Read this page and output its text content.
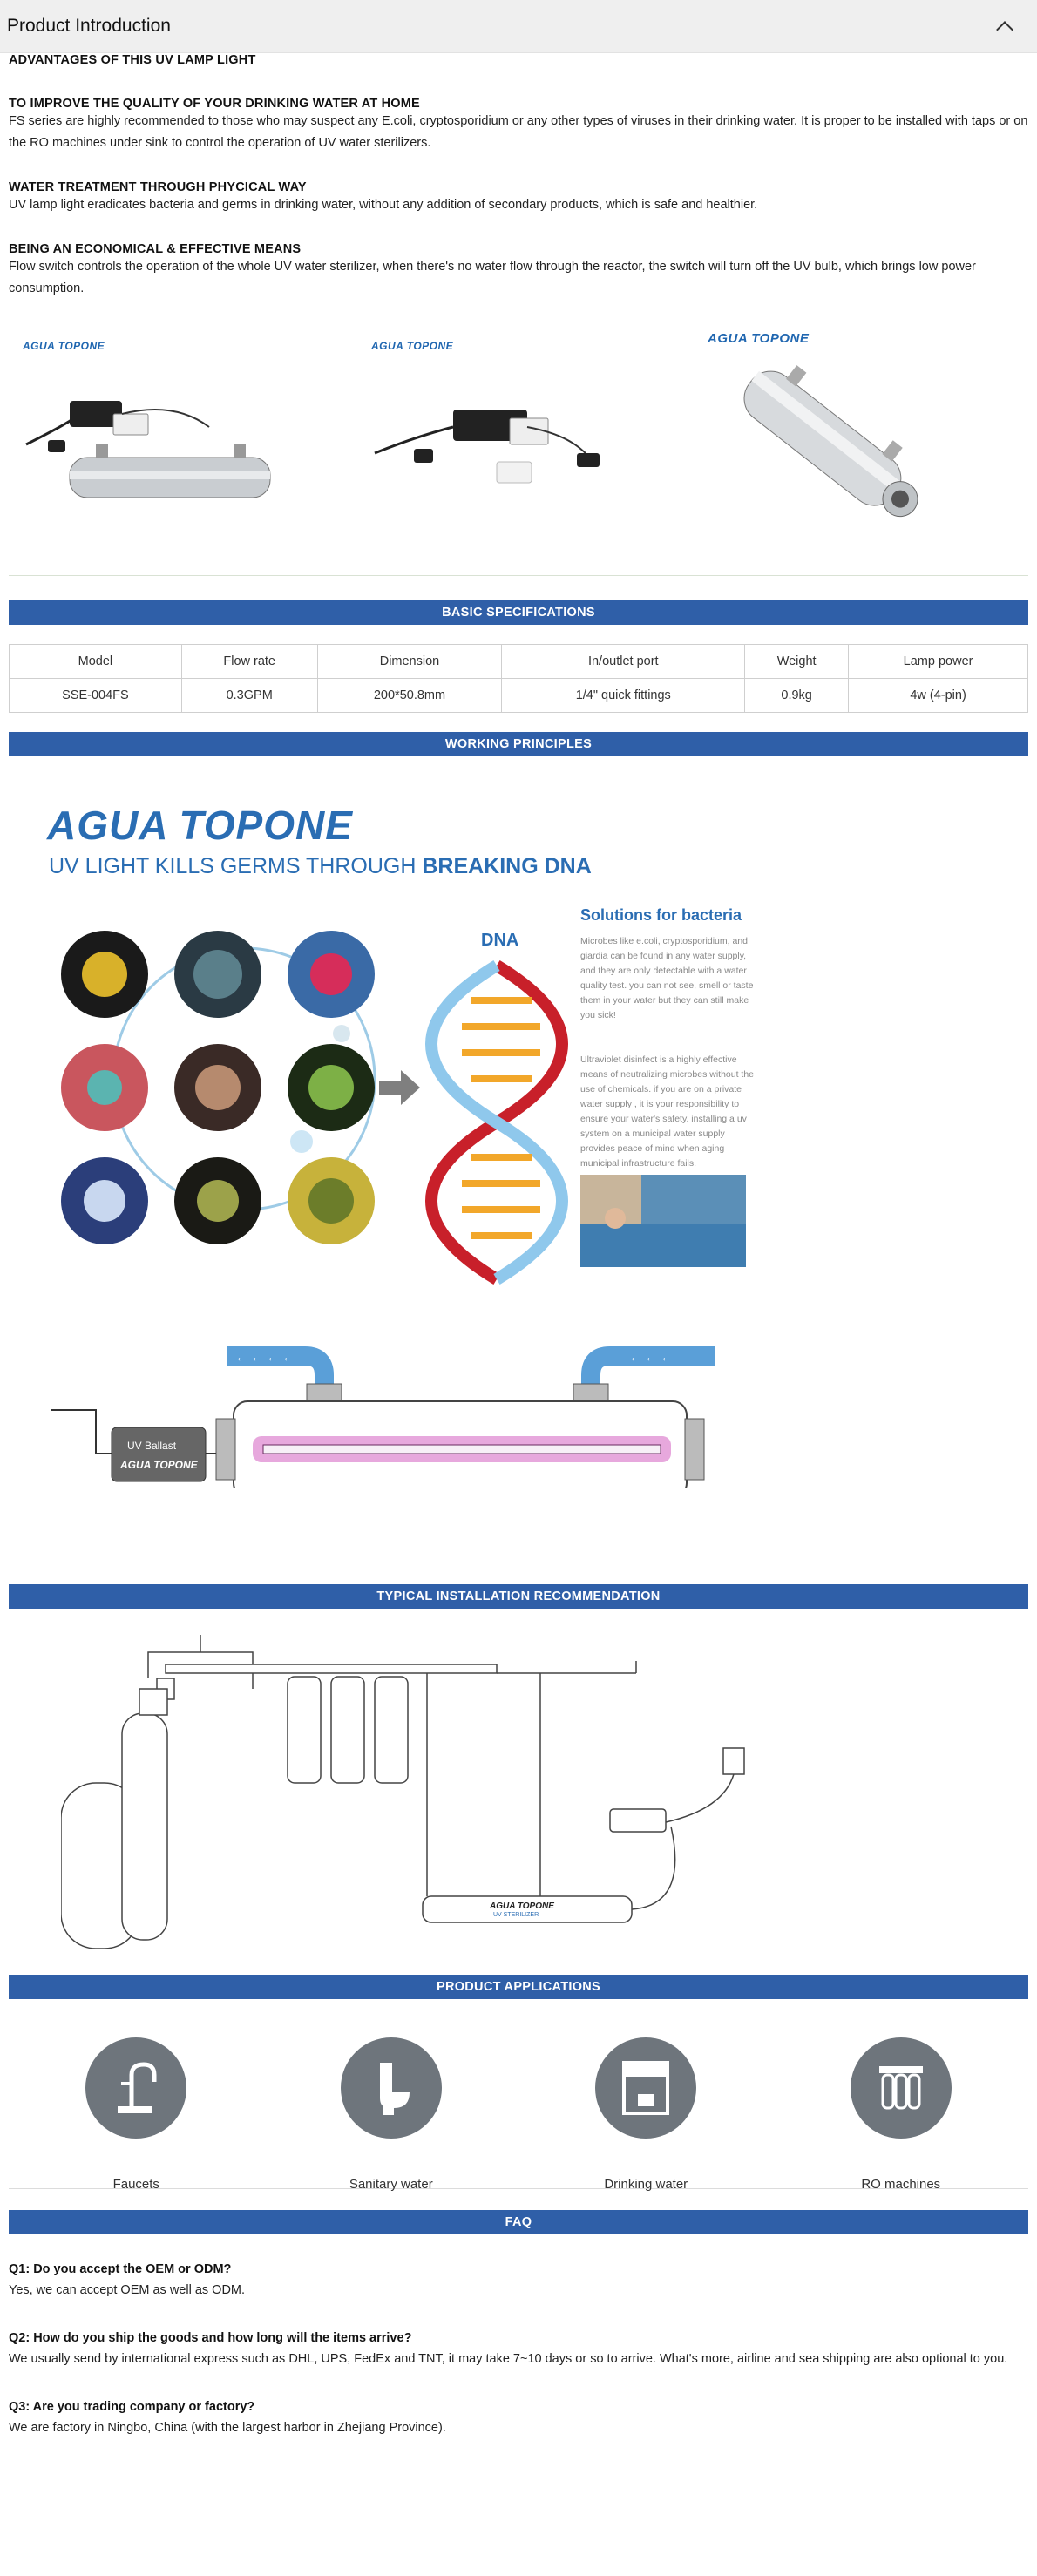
Product Introduction
ADVANTAGES OF THIS UV LAMP LIGHT
TO IMPROVE THE QUALITY OF YOUR DRINKING WATER AT HOME

FS series are highly recommended to those who may suspect any E.coli, cryptosporidium or any other types of viruses in their drinking water. It is proper to be installed with taps or on the RO machines under sink to control the operation of UV water sterilizers.

WATER TREATMENT THROUGH PHYCICAL WAY

UV lamp light eradicates bacteria and germs in drinking water, without any addition of secondary products, which is safe and healthier.

BEING AN ECONOMICAL & EFFECTIVE MEANS

Flow switch controls the operation of the whole UV water sterilizer, when there's no water flow through the reactor, the switch will turn off the UV bulb, which brings low power consumption.

AGUA TOPONE	AGUA TOPONE	AGUA TOPONE
BASIC SPECIFICATIONS
Model	Flow rate	Dimension	In/outlet port	Weight	Lamp power
SSE-004FS	0.3GPM	200*50.8mm	1/4" quick fittings	0.9kg	4w (4-pin)
WORKING PRINCIPLES
AGUA TOPONE
UV LIGHT KILLS GERMS THROUGH BREAKING DNA
DNA
Solutions for bacteria
Microbes like e.coli, cryptosporidium, and giardia can be found in any water supply, and they are only detectable with a water quality test. you can not see, smell or taste them in your water but they can still make you sick!
Ultraviolet disinfect is a highly effective means of neutralizing microbes without the use of chemicals. if you are on a private water supply , it is your responsibility to ensure your water's safety. installing a uv system on a municipal water supply provides peace of mind when aging municipal infrastructure fails.
← ← ← ←	← ← ←
UV Ballast
AGUA TOPONE
TYPICAL INSTALLATION RECOMMENDATION
AGUA TOPONE
UV STERILIZER
PRODUCT APPLICATIONS
Faucets	Sanitary water	Drinking water	RO machines
FAQ
Q1: Do you accept the OEM or ODM?
Yes, we can accept OEM as well as ODM.
Q2: How do you ship the goods and how long will the items arrive?
We usually send by international express such as DHL, UPS, FedEx and TNT, it may take 7~10 days or so to arrive. What's more, airline and sea shipping are also optional to you.
Q3: Are you trading company or factory?
We are factory in Ningbo, China (with the largest harbor in Zhejiang Province).
